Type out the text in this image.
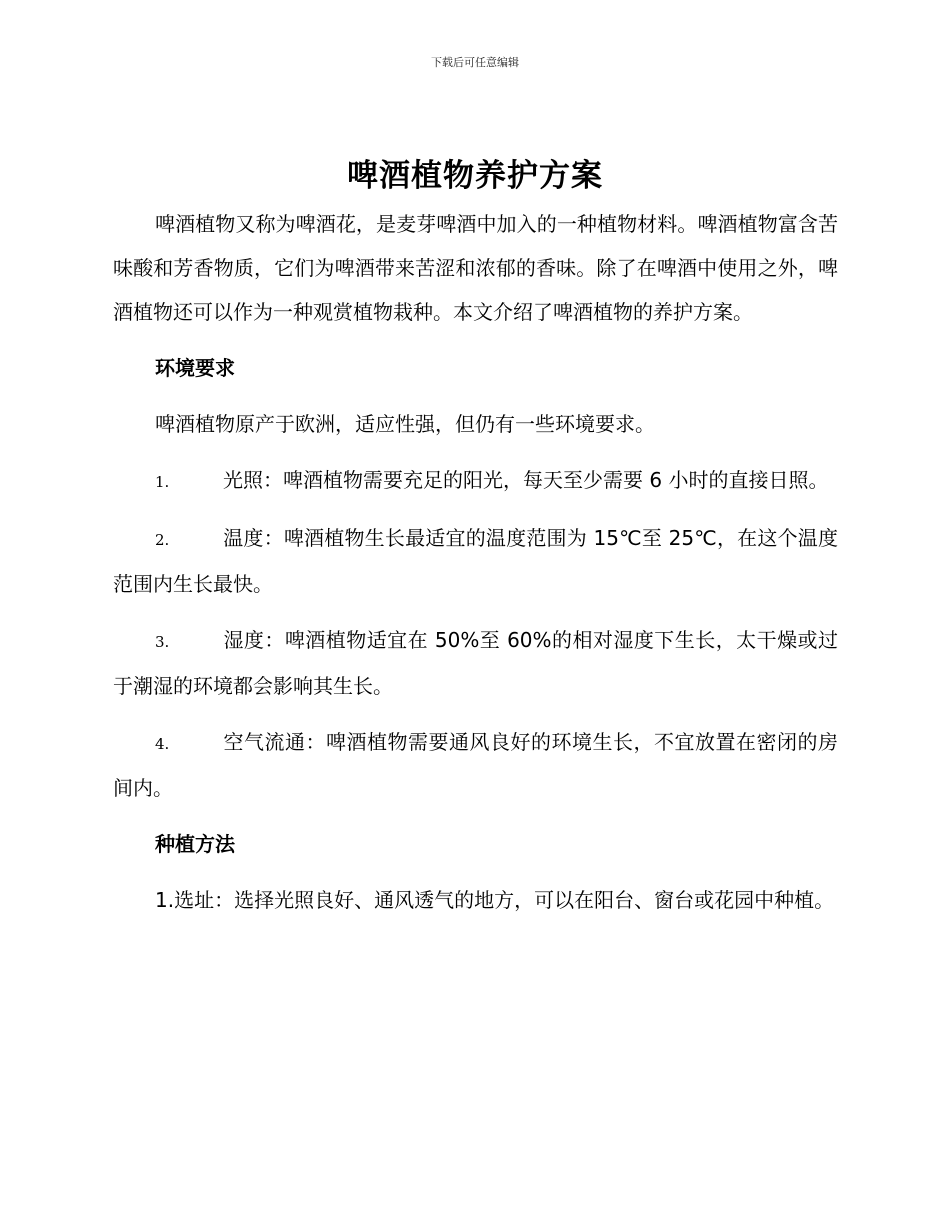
下载后可任意编辑
啤酒植物养护方案

啤酒植物又称为啤酒花，是麦芽啤酒中加入的一种植物材料。啤酒植物富含苦味酸和芳香物质，它们为啤酒带来苦涩和浓郁的香味。除了在啤酒中使用之外，啤酒植物还可以作为一种观赏植物栽种。本文介绍了啤酒植物的养护方案。

环境要求

啤酒植物原产于欧洲，适应性强，但仍有一些环境要求。

1.	光照：啤酒植物需要充足的阳光，每天至少需要 6 小时的直接日照。

2.	温度：啤酒植物生长最适宜的温度范围为 15℃至 25℃，在这个温度范围内生长最快。

3.	湿度：啤酒植物适宜在 50%至 60%的相对湿度下生长，太干燥或过于潮湿的环境都会影响其生长。

4.	空气流通：啤酒植物需要通风良好的环境生长，不宜放置在密闭的房间内。

种植方法

1.选址：选择光照良好、通风透气的地方，可以在阳台、窗台或花园中种植。
